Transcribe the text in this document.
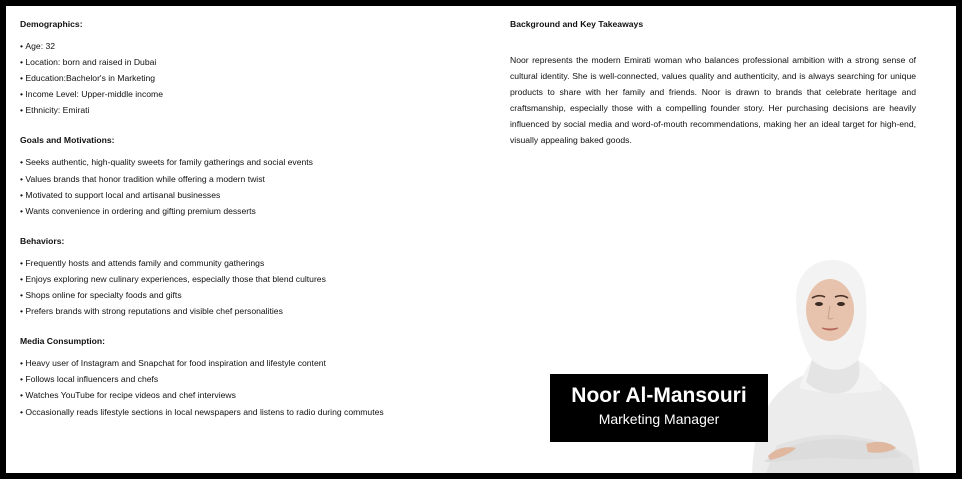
Demographics:
• Age: 32
• Location: born and raised in Dubai
• Education:Bachelor's in Marketing
• Income Level: Upper-middle income
• Ethnicity: Emirati
Goals and Motivations:
• Seeks authentic, high-quality sweets for family gatherings and social events
• Values brands that honor tradition while offering a modern twist
• Motivated to support local and artisanal businesses
• Wants convenience in ordering and gifting premium desserts
Behaviors:
• Frequently hosts and attends family and community gatherings
• Enjoys exploring new culinary experiences, especially those that blend cultures
• Shops online for specialty foods and gifts
• Prefers brands with strong reputations and visible chef personalities
Media Consumption:
• Heavy user of Instagram and Snapchat for food inspiration and lifestyle content
• Follows local influencers and chefs
• Watches YouTube for recipe videos and chef interviews
• Occasionally reads lifestyle sections in local newspapers and listens to radio during commutes
Background and Key Takeaways

Noor represents the modern Emirati woman who balances professional ambition with a strong sense of cultural identity. She is well-connected, values quality and authenticity, and is always searching for unique products to share with her family and friends. Noor is drawn to brands that celebrate heritage and craftsmanship, especially those with a compelling founder story. Her purchasing decisions are heavily influenced by social media and word-of-mouth recommendations, making her an ideal target for high-end, visually appealing baked goods.

Noor Al-Mansouri
Marketing Manager
